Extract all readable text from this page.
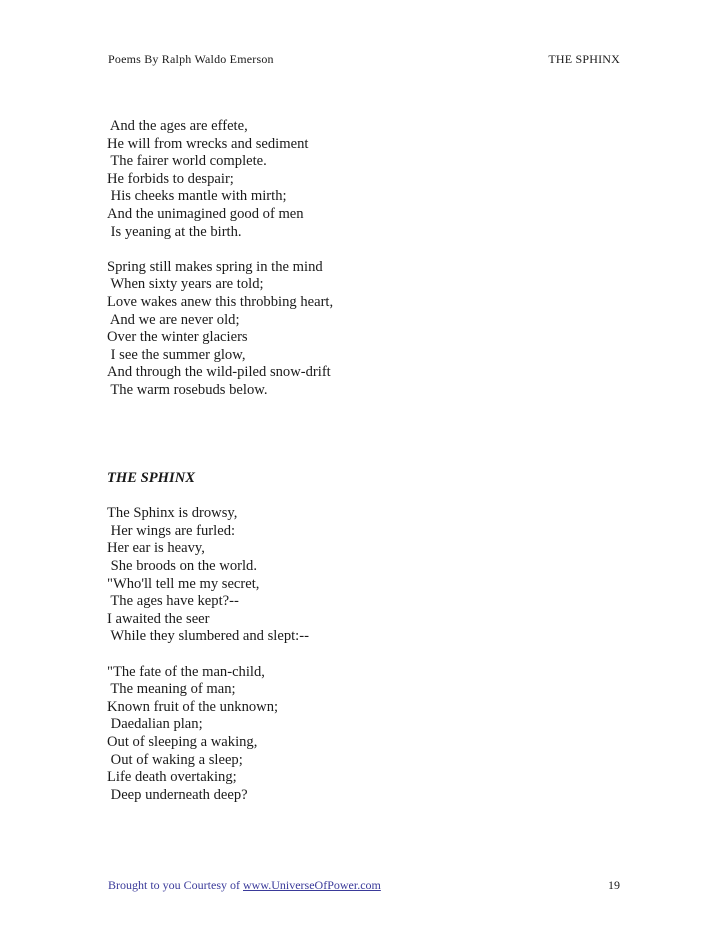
Poems By Ralph Waldo Emerson	THE SPHINX
And the ages are effete,
He will from wrecks and sediment
The fairer world complete.
He forbids to despair;
His cheeks mantle with mirth;
And the unimagined good of men
Is yeaning at the birth.
Spring still makes spring in the mind
When sixty years are told;
Love wakes anew this throbbing heart,
And we are never old;
Over the winter glaciers
I see the summer glow,
And through the wild-piled snow-drift
The warm rosebuds below.
THE SPHINX
The Sphinx is drowsy,
Her wings are furled:
Her ear is heavy,
She broods on the world.
"Who'll tell me my secret,
The ages have kept?--
I awaited the seer
While they slumbered and slept:--
"The fate of the man-child,
The meaning of man;
Known fruit of the unknown;
Daedalian plan;
Out of sleeping a waking,
Out of waking a sleep;
Life death overtaking;
Deep underneath deep?
Brought to you Courtesy of www.UniverseOfPower.com	19
